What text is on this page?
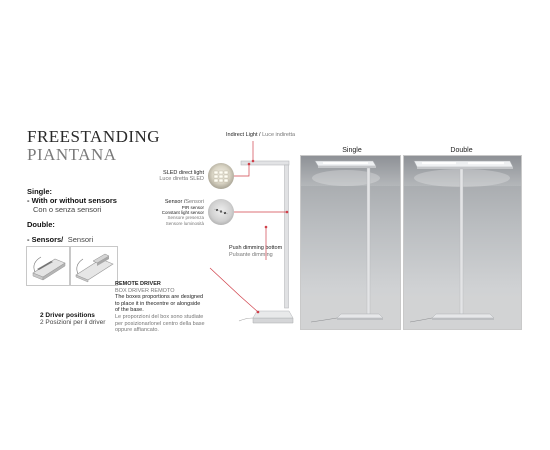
FREESTANDING
PIANTANA
Single:
- With or without sensors
Con o senza sensori
Double:
- Sensors/ Sensori
2 Driver positions
2 Posizioni per il driver
REMOTE DRIVER
BOX DRIVER REMOTO
The boxes proportions are designed
to place it in thecentre or alongside
of the base.
Le proporzioni del box sono studiate
per posizionarlonel centro della base
oppure affiancato.
Indirect Light / Luce indiretta
SLED direct light
Luce diretta SLED
Sensor /Sensori
PIR sensor
Constant light sensor
Sensore presenza
Sensore luminosità
Push dimming bottom
Pulsante dimming
Single	Double
